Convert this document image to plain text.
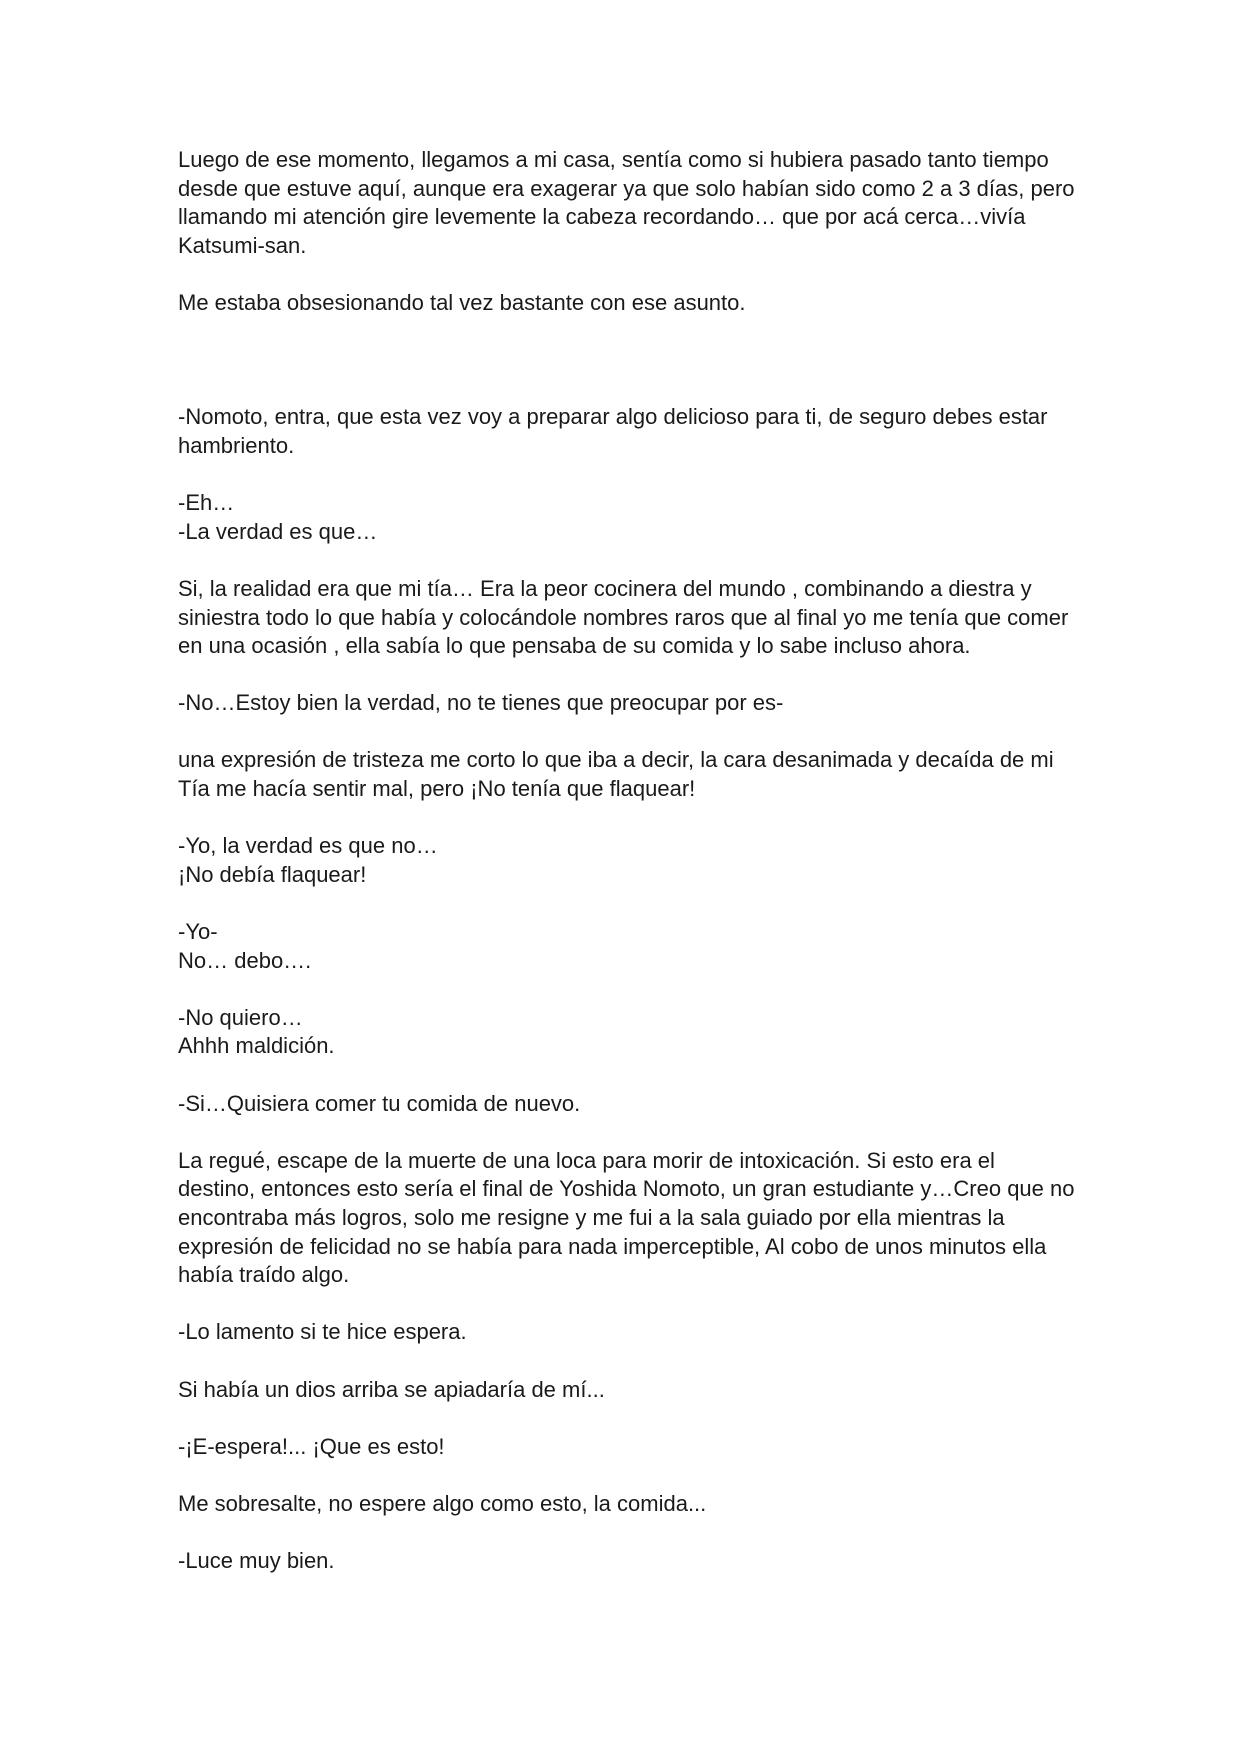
Luego de ese momento, llegamos a mi casa, sentía como si hubiera pasado tanto tiempo desde que estuve aquí, aunque era exagerar ya que solo habían sido como 2 a 3 días, pero llamando mi atención gire levemente la cabeza recordando… que por acá cerca…vivía Katsumi-san.

Me estaba obsesionando tal vez bastante con ese asunto.

-Nomoto, entra, que esta vez voy a preparar algo delicioso para ti, de seguro debes estar hambriento.

-Eh…
-La verdad es que…

Si, la realidad era que mi tía… Era la peor cocinera del mundo , combinando a diestra y siniestra todo lo que había y colocándole nombres raros que al final yo me tenía que comer en una ocasión , ella sabía lo que pensaba de su comida y lo sabe incluso ahora.

-No…Estoy bien la verdad, no te tienes que preocupar por es-

una expresión de tristeza me corto lo que iba a decir, la cara desanimada y decaída de mi Tía me hacía sentir mal, pero ¡No tenía que flaquear!

-Yo, la verdad es que no…
¡No debía flaquear!

-Yo-
No… debo….

-No quiero…
Ahhh maldición.

-Si…Quisiera comer tu comida de nuevo.

La regué, escape de la muerte de una loca para morir de intoxicación. Si esto era el destino, entonces esto sería el final de Yoshida Nomoto, un gran estudiante y…Creo que no encontraba más logros, solo me resigne y me fui a la sala guiado por ella mientras la expresión de felicidad no se había para nada imperceptible, Al cobo de unos minutos ella había traído algo.

-Lo lamento si te hice espera.

Si había un dios arriba se apiadaría de mí...

-¡E-espera!... ¡Que es esto!

Me sobresalte, no espere algo como esto, la comida...

-Luce muy bien.
